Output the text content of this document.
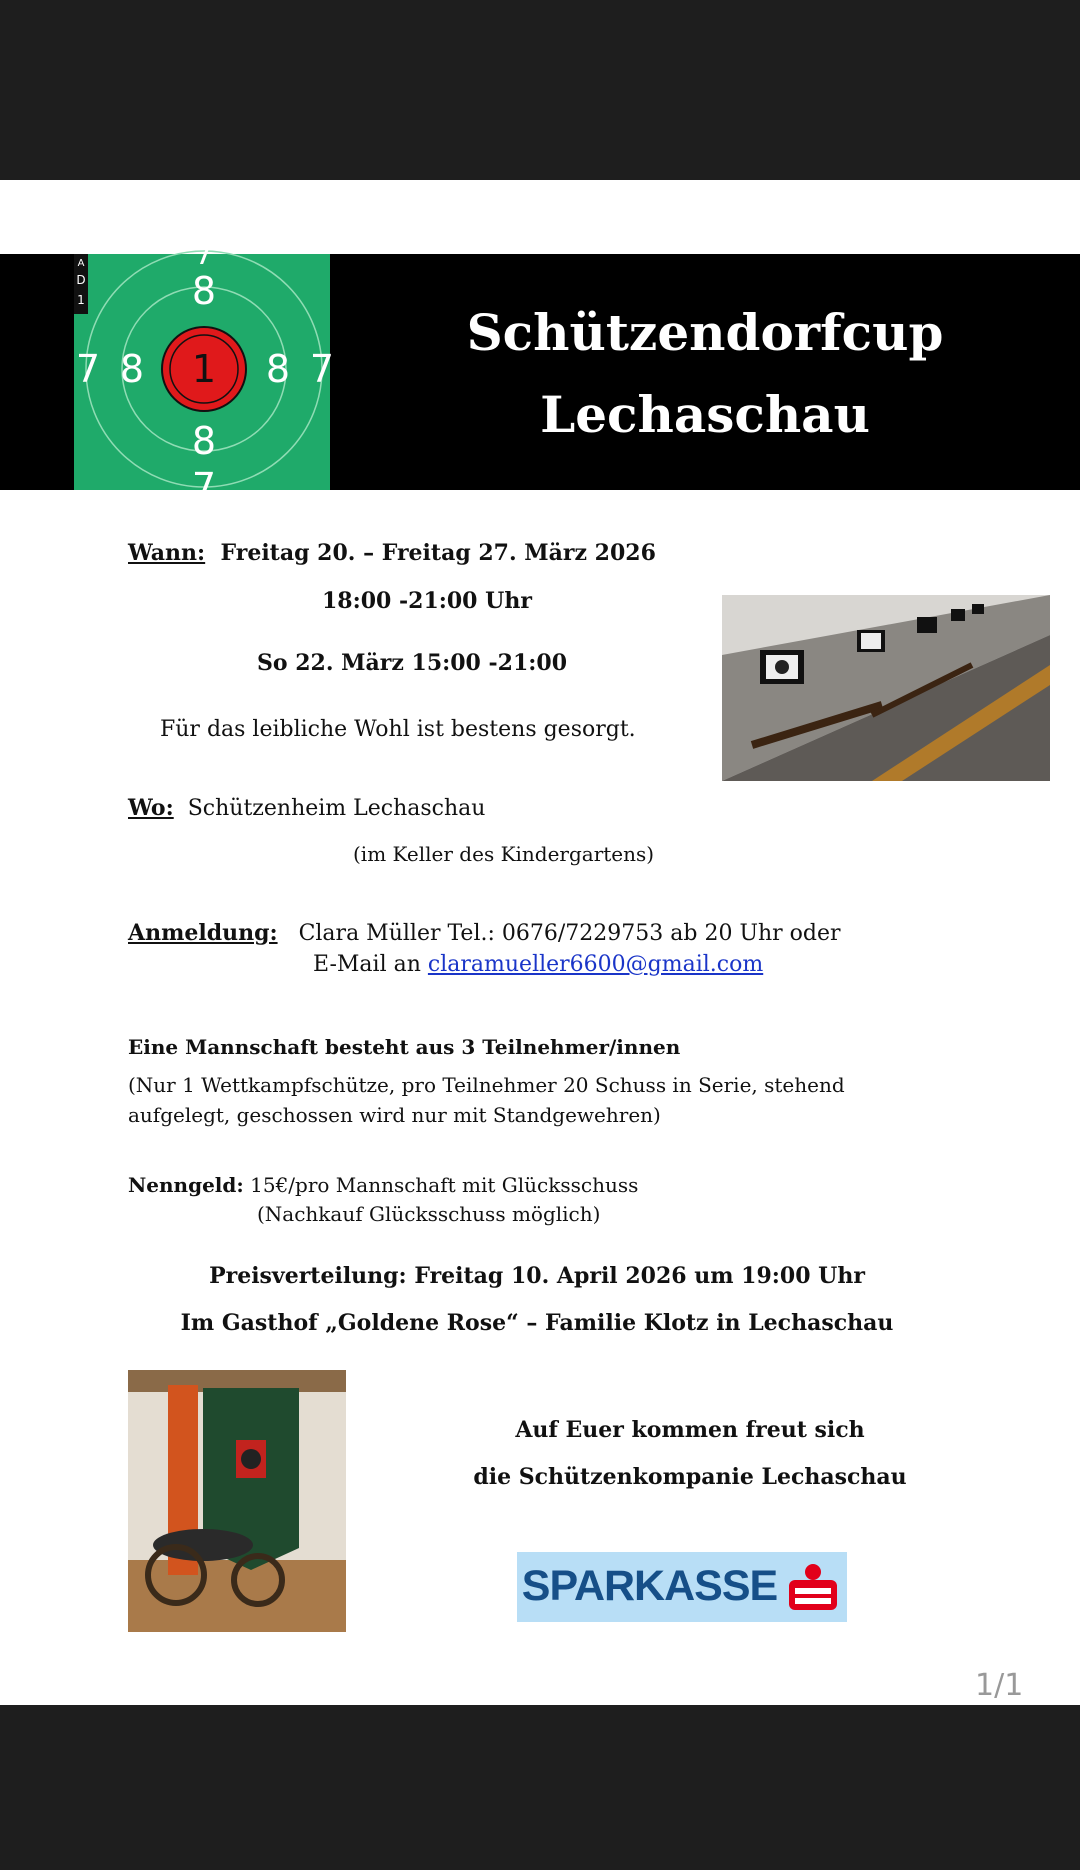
1
8
8
8	8
7	7
7
7
A
D
1
Schützendorfcup
Lechaschau
Wann: Freitag 20. – Freitag 27. März 2026
18:00 -21:00 Uhr
So 22. März 15:00 -21:00
Für das leibliche Wohl ist bestens gesorgt.
Wo: Schützenheim Lechaschau
(im Keller des Kindergartens)
Anmeldung: Clara Müller Tel.: 0676/7229753 ab 20 Uhr oder
E-Mail an claramueller6600@gmail.com
Eine Mannschaft besteht aus 3 Teilnehmer/innen
(Nur 1 Wettkampfschütze, pro Teilnehmer 20 Schuss in Serie, stehend
aufgelegt, geschossen wird nur mit Standgewehren)
Nenngeld: 15€/pro Mannschaft mit Glücksschuss
(Nachkauf Glücksschuss möglich)
Preisverteilung: Freitag 10. April 2026 um 19:00 Uhr
Im Gasthof „Goldene Rose“ – Familie Klotz in Lechaschau
Auf Euer kommen freut sich
die Schützenkompanie Lechaschau
SPARKASSE
1/1
